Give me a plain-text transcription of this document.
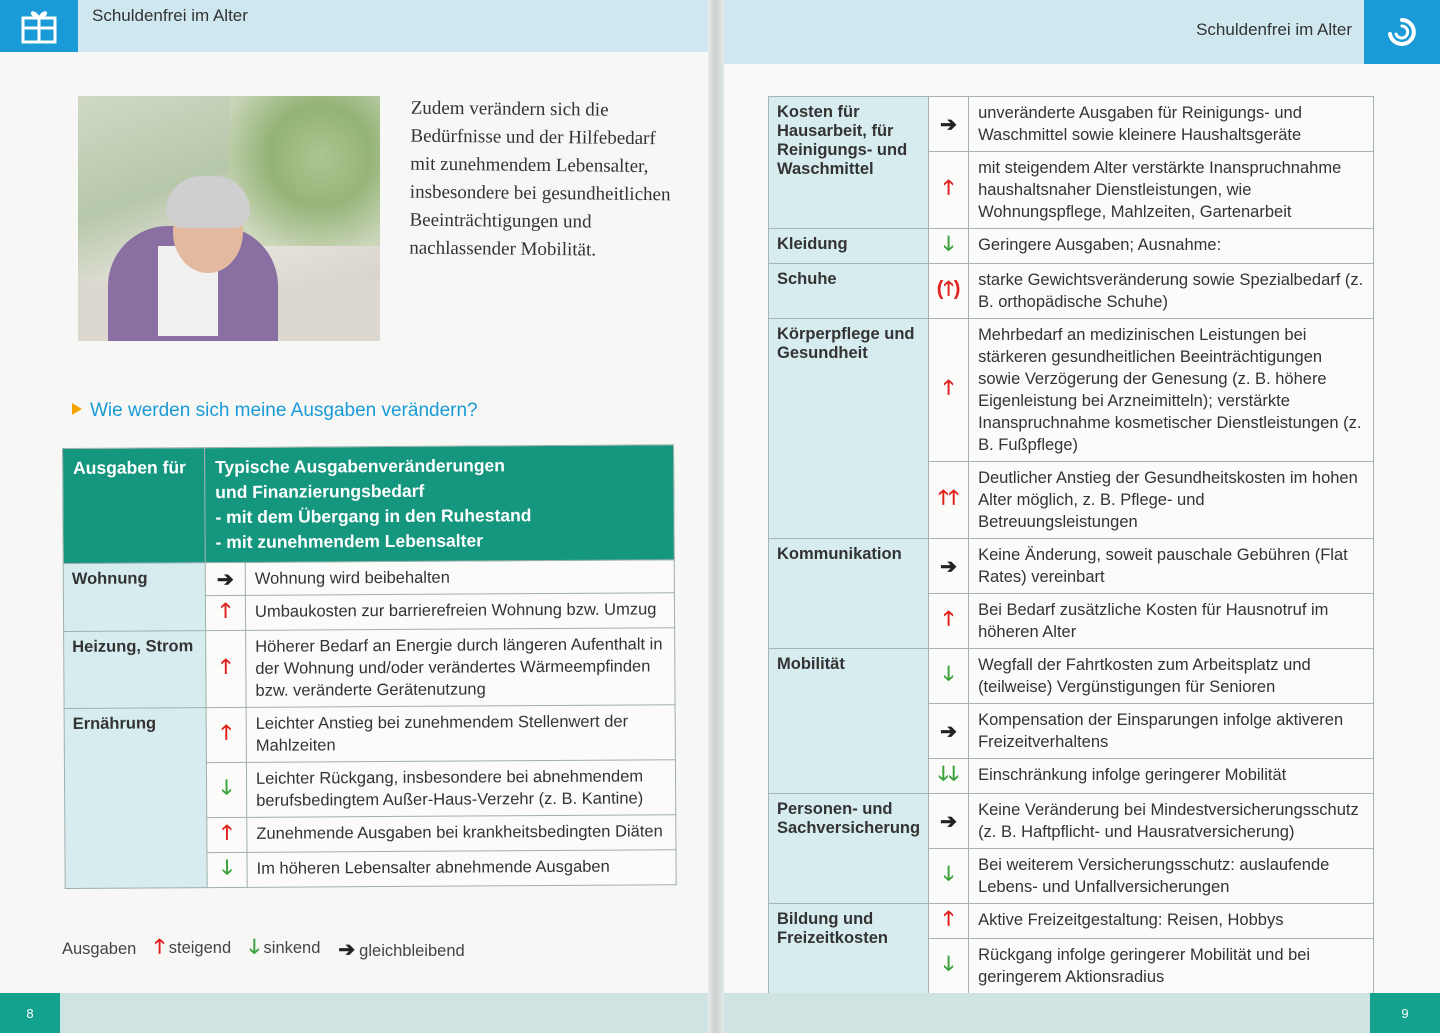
Schuldenfrei im Alter
Zudem verändern sich die Bedürfnisse und der Hilfebedarf mit zunehmendem Lebensalter, insbesondere bei gesundheitlichen Beeinträchtigungen und nachlassender Mobilität.
Wie werden sich meine Ausgaben verändern?
Ausgaben für	Typische Ausgabenveränderungen
und Finanzierungsbedarf
- mit dem Übergang in den Ruhestand
- mit zunehmendem Lebensalter	

Wohnung	➔	Wohnung wird beibehalten
	🡑	Umbaukosten zur barrierefreien Wohnung bzw. Umzug
Heizung, Strom	🡑	Höherer Bedarf an Energie durch längeren Aufenthalt in der Wohnung und/oder verändertes Wärmeempfinden bzw. veränderte Gerätenutzung
Ernährung	🡑	Leichter Anstieg bei zunehmendem Stellenwert der Mahlzeiten
	🡓	Leichter Rückgang, insbesondere bei abnehmendem berufsbedingtem Außer-Haus-Verzehr (z. B. Kantine)
	🡑	Zunehmende Ausgaben bei krankheitsbedingten Diäten
	🡓	Im höheren Lebensalter abnehmende Ausgaben
Ausgaben 🡑 steigend 🡓 sinkend ➔ gleichbleibend
8
Schuldenfrei im Alter
Kosten für Hausarbeit, für Reinigungs- und Waschmittel	➔	unveränderte Ausgaben für Reinigungs- und Waschmittel sowie kleinere Haushaltsgeräte
	🡑	mit steigendem Alter verstärkte Inanspruchnahme haushaltsnaher Dienstleistungen, wie Wohnungspflege, Mahlzeiten, Gartenarbeit
Kleidung	🡓	Geringere Ausgaben; Ausnahme:
Schuhe	(🡑)	starke Gewichtsveränderung sowie Spezialbedarf (z. B. orthopädische Schuhe)
Körperpflege und Gesundheit	🡑	Mehrbedarf an medizinischen Leistungen bei stärkeren gesundheitlichen Beeinträchtigungen sowie Verzögerung der Genesung (z. B. höhere Eigenleistung bei Arzneimitteln); verstärkte Inanspruchnahme kosmetischer Dienstleistungen (z. B. Fußpflege)
	🡑🡑	Deutlicher Anstieg der Gesundheitskosten im hohen Alter möglich, z. B. Pflege- und Betreuungsleistungen
Kommunikation	➔	Keine Änderung, soweit pauschale Gebühren (Flat Rates) vereinbart
	🡑	Bei Bedarf zusätzliche Kosten für Hausnotruf im höheren Alter
Mobilität	🡓	Wegfall der Fahrtkosten zum Arbeitsplatz und (teilweise) Vergünstigungen für Senioren
	➔	Kompensation der Einsparungen infolge aktiveren Freizeitverhaltens
	🡓🡓	Einschränkung infolge geringerer Mobilität
Personen- und Sachversicherung	➔	Keine Veränderung bei Mindestversicherungsschutz (z. B. Haftpflicht- und Hausratversicherung)
	🡓	Bei weiterem Versicherungsschutz: auslaufende Lebens- und Unfallversicherungen
Bildung und Freizeitkosten	🡑	Aktive Freizeitgestaltung: Reisen, Hobbys
	🡓	Rückgang infolge geringerer Mobilität und bei geringerem Aktionsradius
9
